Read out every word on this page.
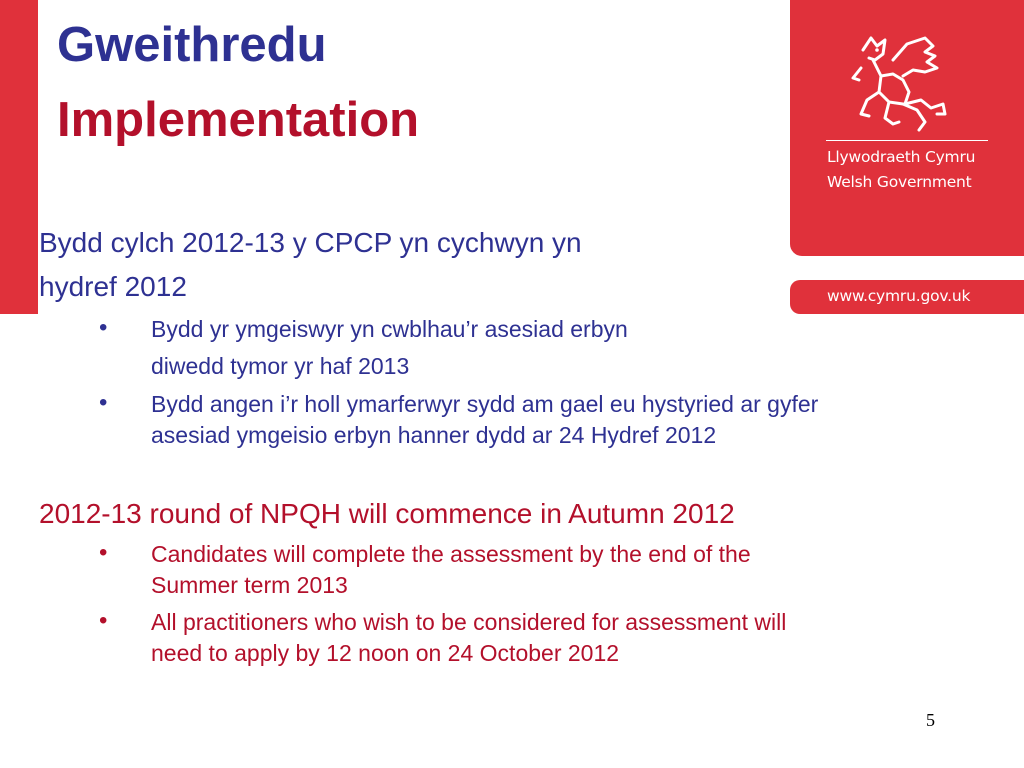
Llywodraeth Cymru
Welsh Government
www.cymru.gov.uk
Gweithredu
Implementation
Bydd cylch 2012-13 y CPCP yn cychwyn yn
hydref 2012
• Bydd yr ymgeiswyr yn cwblhau’r asesiad erbyn
diwedd tymor yr haf 2013
• Bydd angen i’r holl ymarferwyr sydd am gael eu hystyried ar gyfer
asesiad ymgeisio erbyn hanner dydd ar 24 Hydref 2012
2012-13 round of NPQH will commence in Autumn 2012
• Candidates will complete the assessment by the end of the
Summer term 2013
• All practitioners who wish to be considered for assessment will
need to apply by 12 noon on 24 October 2012
5
